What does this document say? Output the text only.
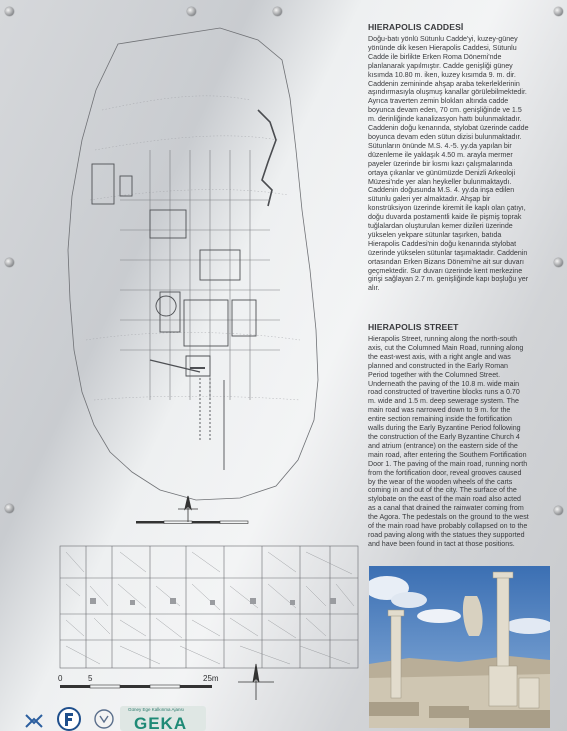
0	5	25m
HIERAPOLIS CADDESİ
Doğu-batı yönlü Sütunlu Cadde'yi, kuzey-güney
yönünde dik kesen Hierapolis Caddesi, Sütunlu
Cadde ile birlikte Erken Roma Dönemi'nde
planlanarak yapılmıştır. Cadde genişliği güney
kısımda 10.80 m. iken, kuzey kısımda 9. m. dir.
Caddenin zemininde ahşap araba tekerleklerinin
aşındırmasıyla oluşmuş kanallar görülebilmektedir.
Ayrıca traverten zemin blokları altında cadde
boyunca devam eden, 70 cm. genişliğinde ve 1.5
m. derinliğinde kanalizasyon hattı bulunmaktadır.
Caddenin doğu kenarında, stylobat üzerinde cadde
boyunca devam eden sütun dizisi bulunmaktadır.
Sütunların önünde M.S. 4.-5. yy.da yapılan bir
düzenleme ile yaklaşık 4.50 m. arayla mermer
payeler üzerinde bir kısmı kazı çalışmalarında
ortaya çıkanlar ve günümüzde Denizli Arkeoloji
Müzesi'nde yer alan heykeller bulunmaktaydı.
Caddenin doğusunda M.S. 4. yy.da inşa edilen
sütunlu galeri yer almaktadır. Ahşap bir
konstrüksiyon üzerinde kiremit ile kaplı olan çatıyı,
doğu duvarda postamentli kaide ile pişmiş toprak
tuğlalardan oluşturulan kemer dizileri üzerinde
yükselen yekpare sütunlar taşırken, batıda
Hierapolis Caddesi'nin doğu kenarında stylobat
üzerinde yükselen sütunlar taşımaktadır. Caddenin
ortasından Erken Bizans Dönemi'ne ait sur duvarı
geçmektedir. Sur duvarı üzerinde kent merkezine
girişi sağlayan 2.7 m. genişliğinde kapı boşluğu yer
alır.
HIERAPOLIS STREET
Hierapolis Street, running along the north-south
axis, cut the Columned Main Road, running along
the east-west axis, with a right angle and was
planned and constructed in the Early Roman
Period together with the Columned Street.
Underneath the paving of the 10.8 m. wide main
road constructed of travertine blocks runs a 0.70
m. wide and 1.5 m. deep sewerage system. The
main road was narrowed down to 9 m. for the
entire section remaining inside the fortification
walls during the Early Byzantine Period following
the construction of the Early Byzantine Church 4
and atrium (entrance) on the eastern side of the
main road, after entering the Southern Fortification
Door 1. The paving of the main road, running north
from the fortification door, reveal grooves caused
by the wear of the wooden wheels of the carts
coming in and out of the city. The surface of the
stylobate on the east of the main road also acted
as a canal that drained the rainwater coming from
the Agora. The pedestals on the ground to the west
of the main road have probably collapsed on to the
road paving along with the statues they supported
and have been found in tact at those positions.
Güney Ege Kalkınma Ajansı
GEKA
